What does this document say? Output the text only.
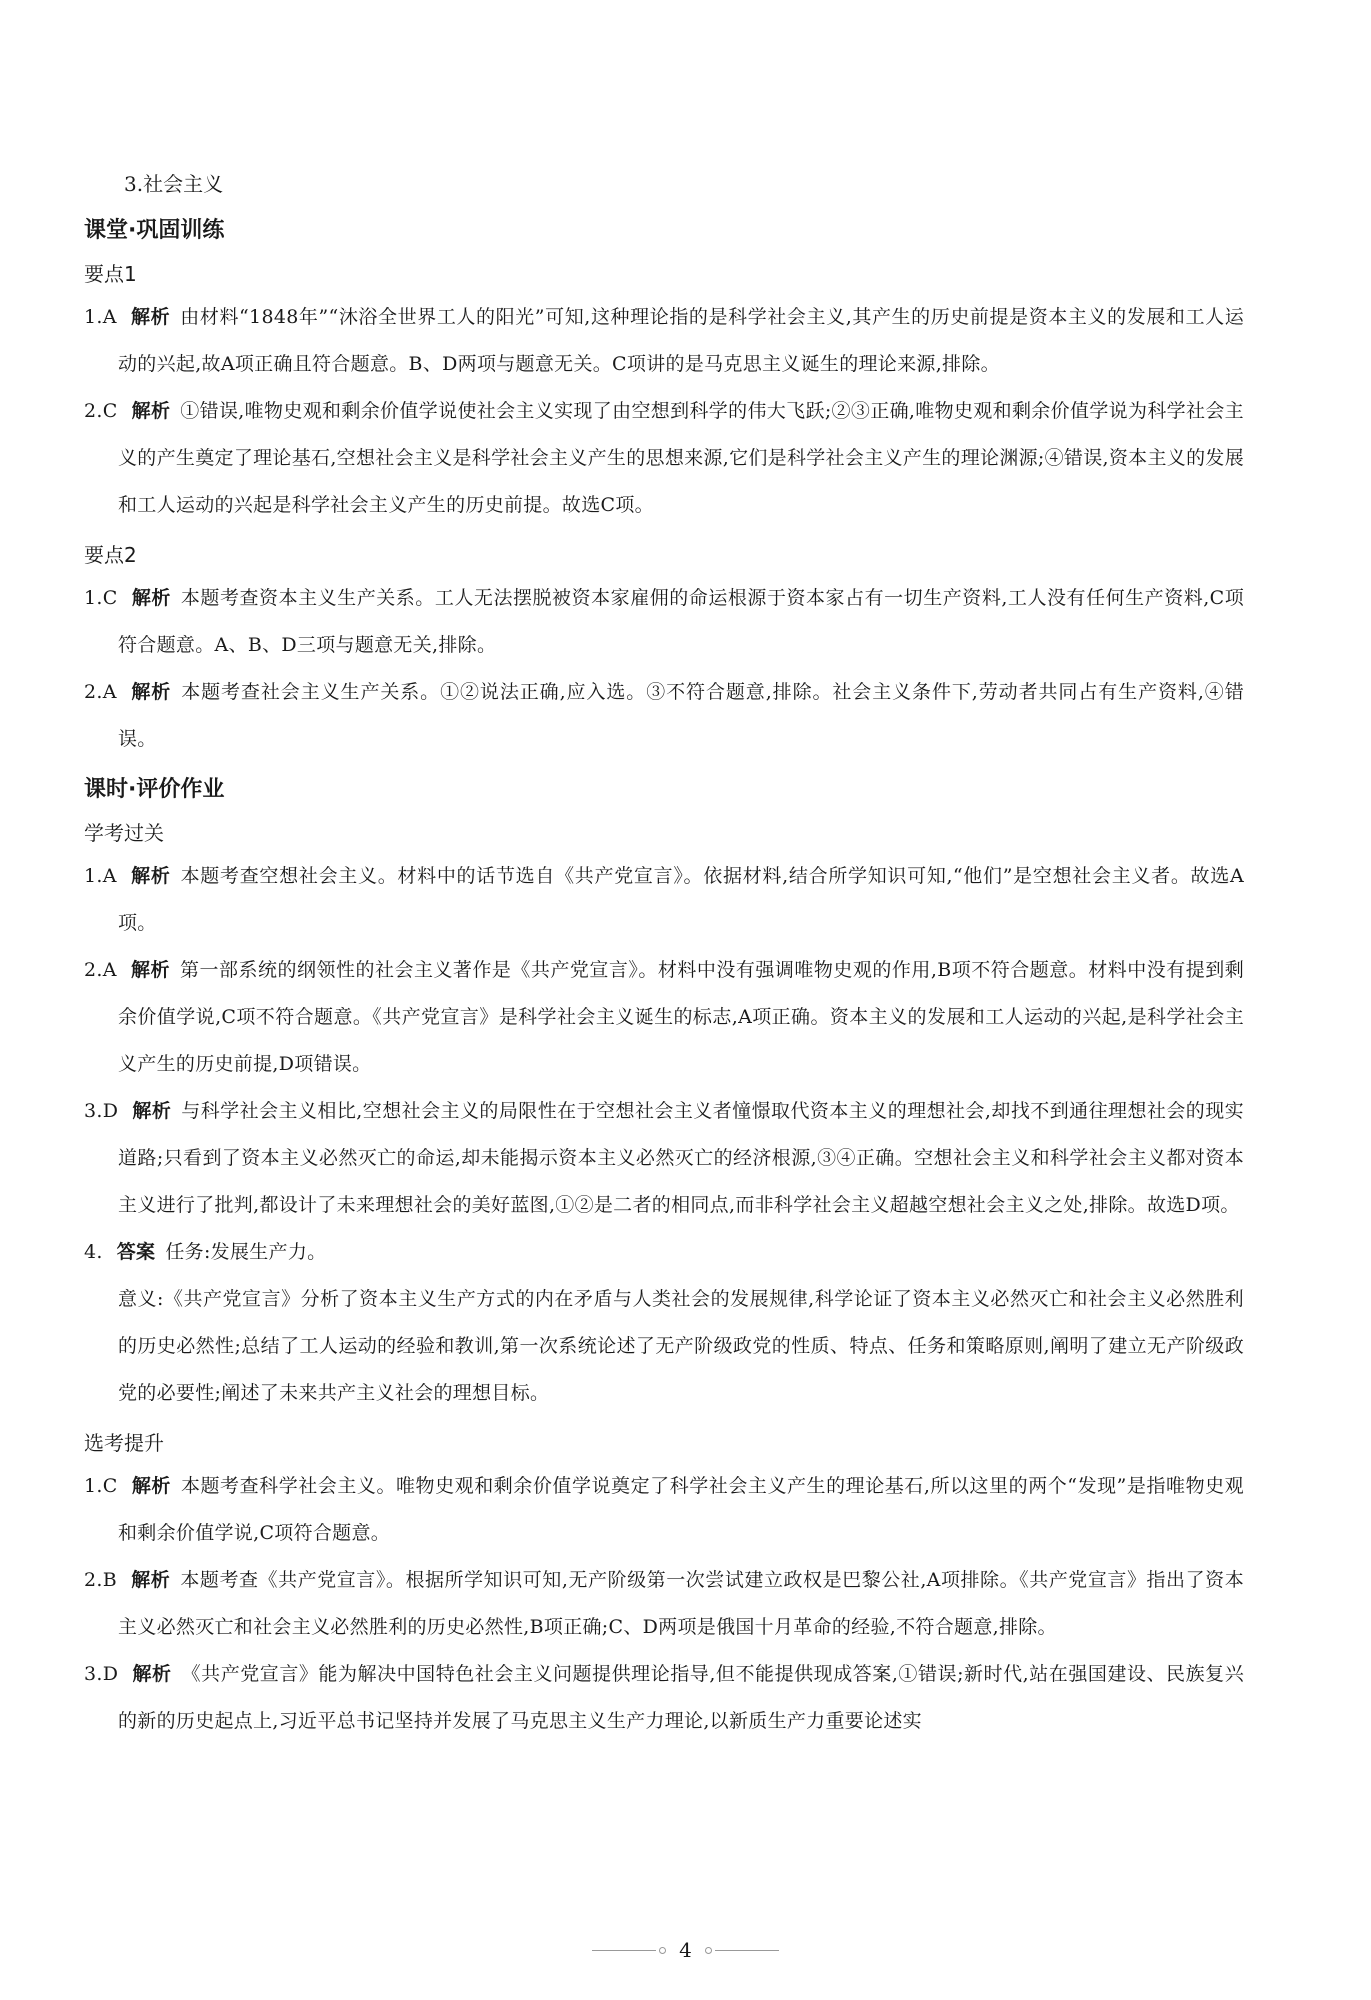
3.社会主义
课堂·巩固训练
要点1
1.A 解析 由材料“1848年”“沐浴全世界工人的阳光”可知,这种理论指的是科学社会主义,其产生的历史前提是资本主义的发展和工人运动的兴起,故A项正确且符合题意。B、D两项与题意无关。C项讲的是马克思主义诞生的理论来源,排除。
2.C 解析 ①错误,唯物史观和剩余价值学说使社会主义实现了由空想到科学的伟大飞跃;②③正确,唯物史观和剩余价值学说为科学社会主义的产生奠定了理论基石,空想社会主义是科学社会主义产生的思想来源,它们是科学社会主义产生的理论渊源;④错误,资本主义的发展和工人运动的兴起是科学社会主义产生的历史前提。故选C项。
要点2
1.C 解析 本题考查资本主义生产关系。工人无法摆脱被资本家雇佣的命运根源于资本家占有一切生产资料,工人没有任何生产资料,C项符合题意。A、B、D三项与题意无关,排除。
2.A 解析 本题考查社会主义生产关系。①②说法正确,应入选。③不符合题意,排除。社会主义条件下,劳动者共同占有生产资料,④错误。
课时·评价作业
学考过关
1.A 解析 本题考查空想社会主义。材料中的话节选自《共产党宣言》。依据材料,结合所学知识可知,“他们”是空想社会主义者。故选A项。
2.A 解析 第一部系统的纲领性的社会主义著作是《共产党宣言》。材料中没有强调唯物史观的作用,B项不符合题意。材料中没有提到剩余价值学说,C项不符合题意。《共产党宣言》是科学社会主义诞生的标志,A项正确。资本主义的发展和工人运动的兴起,是科学社会主义产生的历史前提,D项错误。
3.D 解析 与科学社会主义相比,空想社会主义的局限性在于空想社会主义者憧憬取代资本主义的理想社会,却找不到通往理想社会的现实道路;只看到了资本主义必然灭亡的命运,却未能揭示资本主义必然灭亡的经济根源,③④正确。空想社会主义和科学社会主义都对资本主义进行了批判,都设计了未来理想社会的美好蓝图,①②是二者的相同点,而非科学社会主义超越空想社会主义之处,排除。故选D项。
4. 答案 任务:发展生产力。
意义:《共产党宣言》分析了资本主义生产方式的内在矛盾与人类社会的发展规律,科学论证了资本主义必然灭亡和社会主义必然胜利的历史必然性;总结了工人运动的经验和教训,第一次系统论述了无产阶级政党的性质、特点、任务和策略原则,阐明了建立无产阶级政党的必要性;阐述了未来共产主义社会的理想目标。
选考提升
1.C 解析 本题考查科学社会主义。唯物史观和剩余价值学说奠定了科学社会主义产生的理论基石,所以这里的两个“发现”是指唯物史观和剩余价值学说,C项符合题意。
2.B 解析 本题考查《共产党宣言》。根据所学知识可知,无产阶级第一次尝试建立政权是巴黎公社,A项排除。《共产党宣言》指出了资本主义必然灭亡和社会主义必然胜利的历史必然性,B项正确;C、D两项是俄国十月革命的经验,不符合题意,排除。
3.D 解析 《共产党宣言》能为解决中国特色社会主义问题提供理论指导,但不能提供现成答案,①错误;新时代,站在强国建设、民族复兴的新的历史起点上,习近平总书记坚持并发展了马克思主义生产力理论,以新质生产力重要论述实
4
